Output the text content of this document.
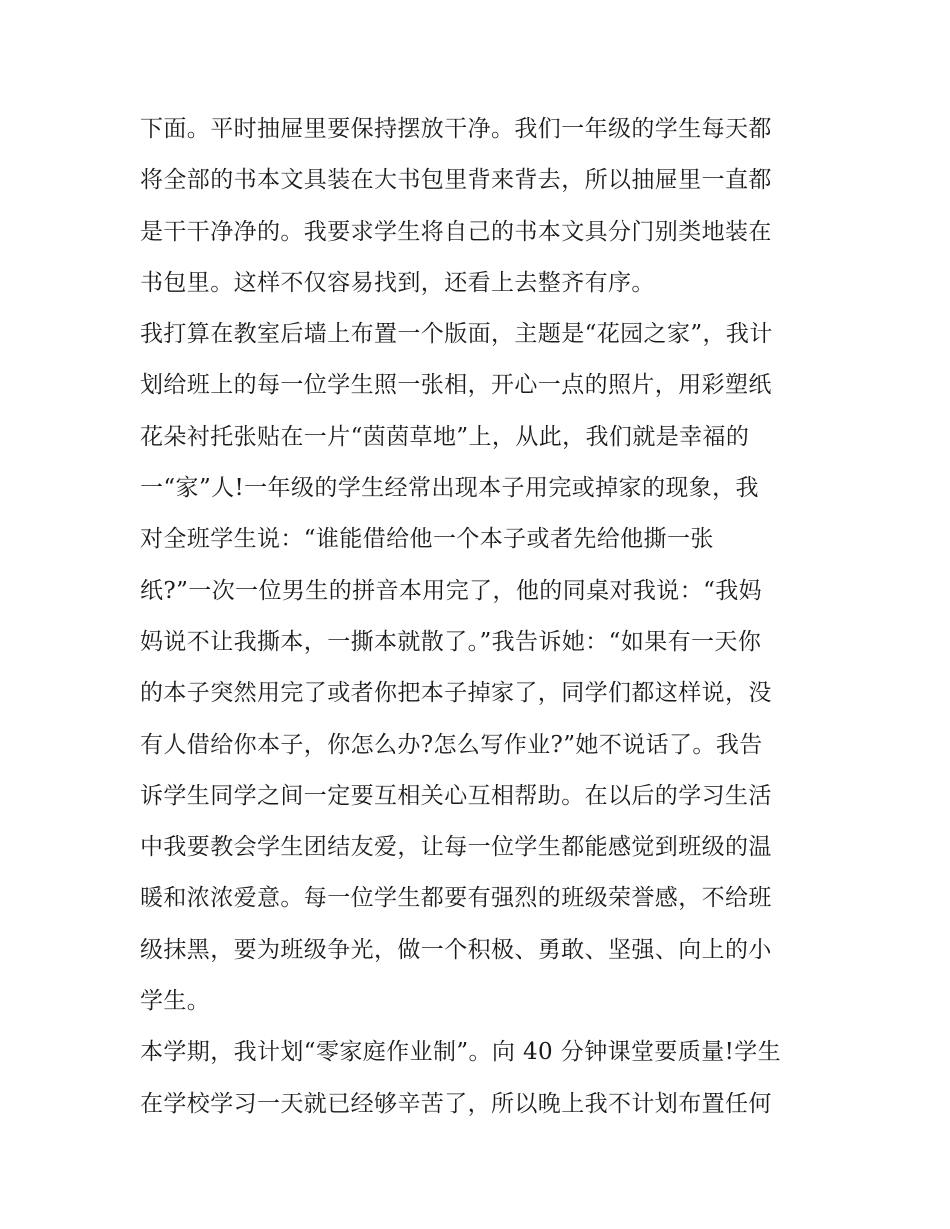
下面。平时抽屉里要保持摆放干净。我们一年级的学生每天都
将全部的书本文具装在大书包里背来背去，所以抽屉里一直都
是干干净净的。我要求学生将自己的书本文具分门别类地装在
书包里。这样不仅容易找到，还看上去整齐有序。
我打算在教室后墙上布置一个版面，主题是“花园之家”，我计
划给班上的每一位学生照一张相，开心一点的照片，用彩塑纸
花朵衬托张贴在一片“茵茵草地”上，从此，我们就是幸福的
一“家”人!一年级的学生经常出现本子用完或掉家的现象，我
对全班学生说：“谁能借给他一个本子或者先给他撕一张
纸?”一次一位男生的拼音本用完了，他的同桌对我说：“我妈
妈说不让我撕本，一撕本就散了。”我告诉她：“如果有一天你
的本子突然用完了或者你把本子掉家了，同学们都这样说，没
有人借给你本子，你怎么办?怎么写作业?”她不说话了。我告
诉学生同学之间一定要互相关心互相帮助。在以后的学习生活
中我要教会学生团结友爱，让每一位学生都能感觉到班级的温
暖和浓浓爱意。每一位学生都要有强烈的班级荣誉感，不给班
级抹黑，要为班级争光，做一个积极、勇敢、坚强、向上的小
学生。
本学期，我计划“零家庭作业制”。向 40 分钟课堂要质量!学生
在学校学习一天就已经够辛苦了，所以晚上我不计划布置任何
